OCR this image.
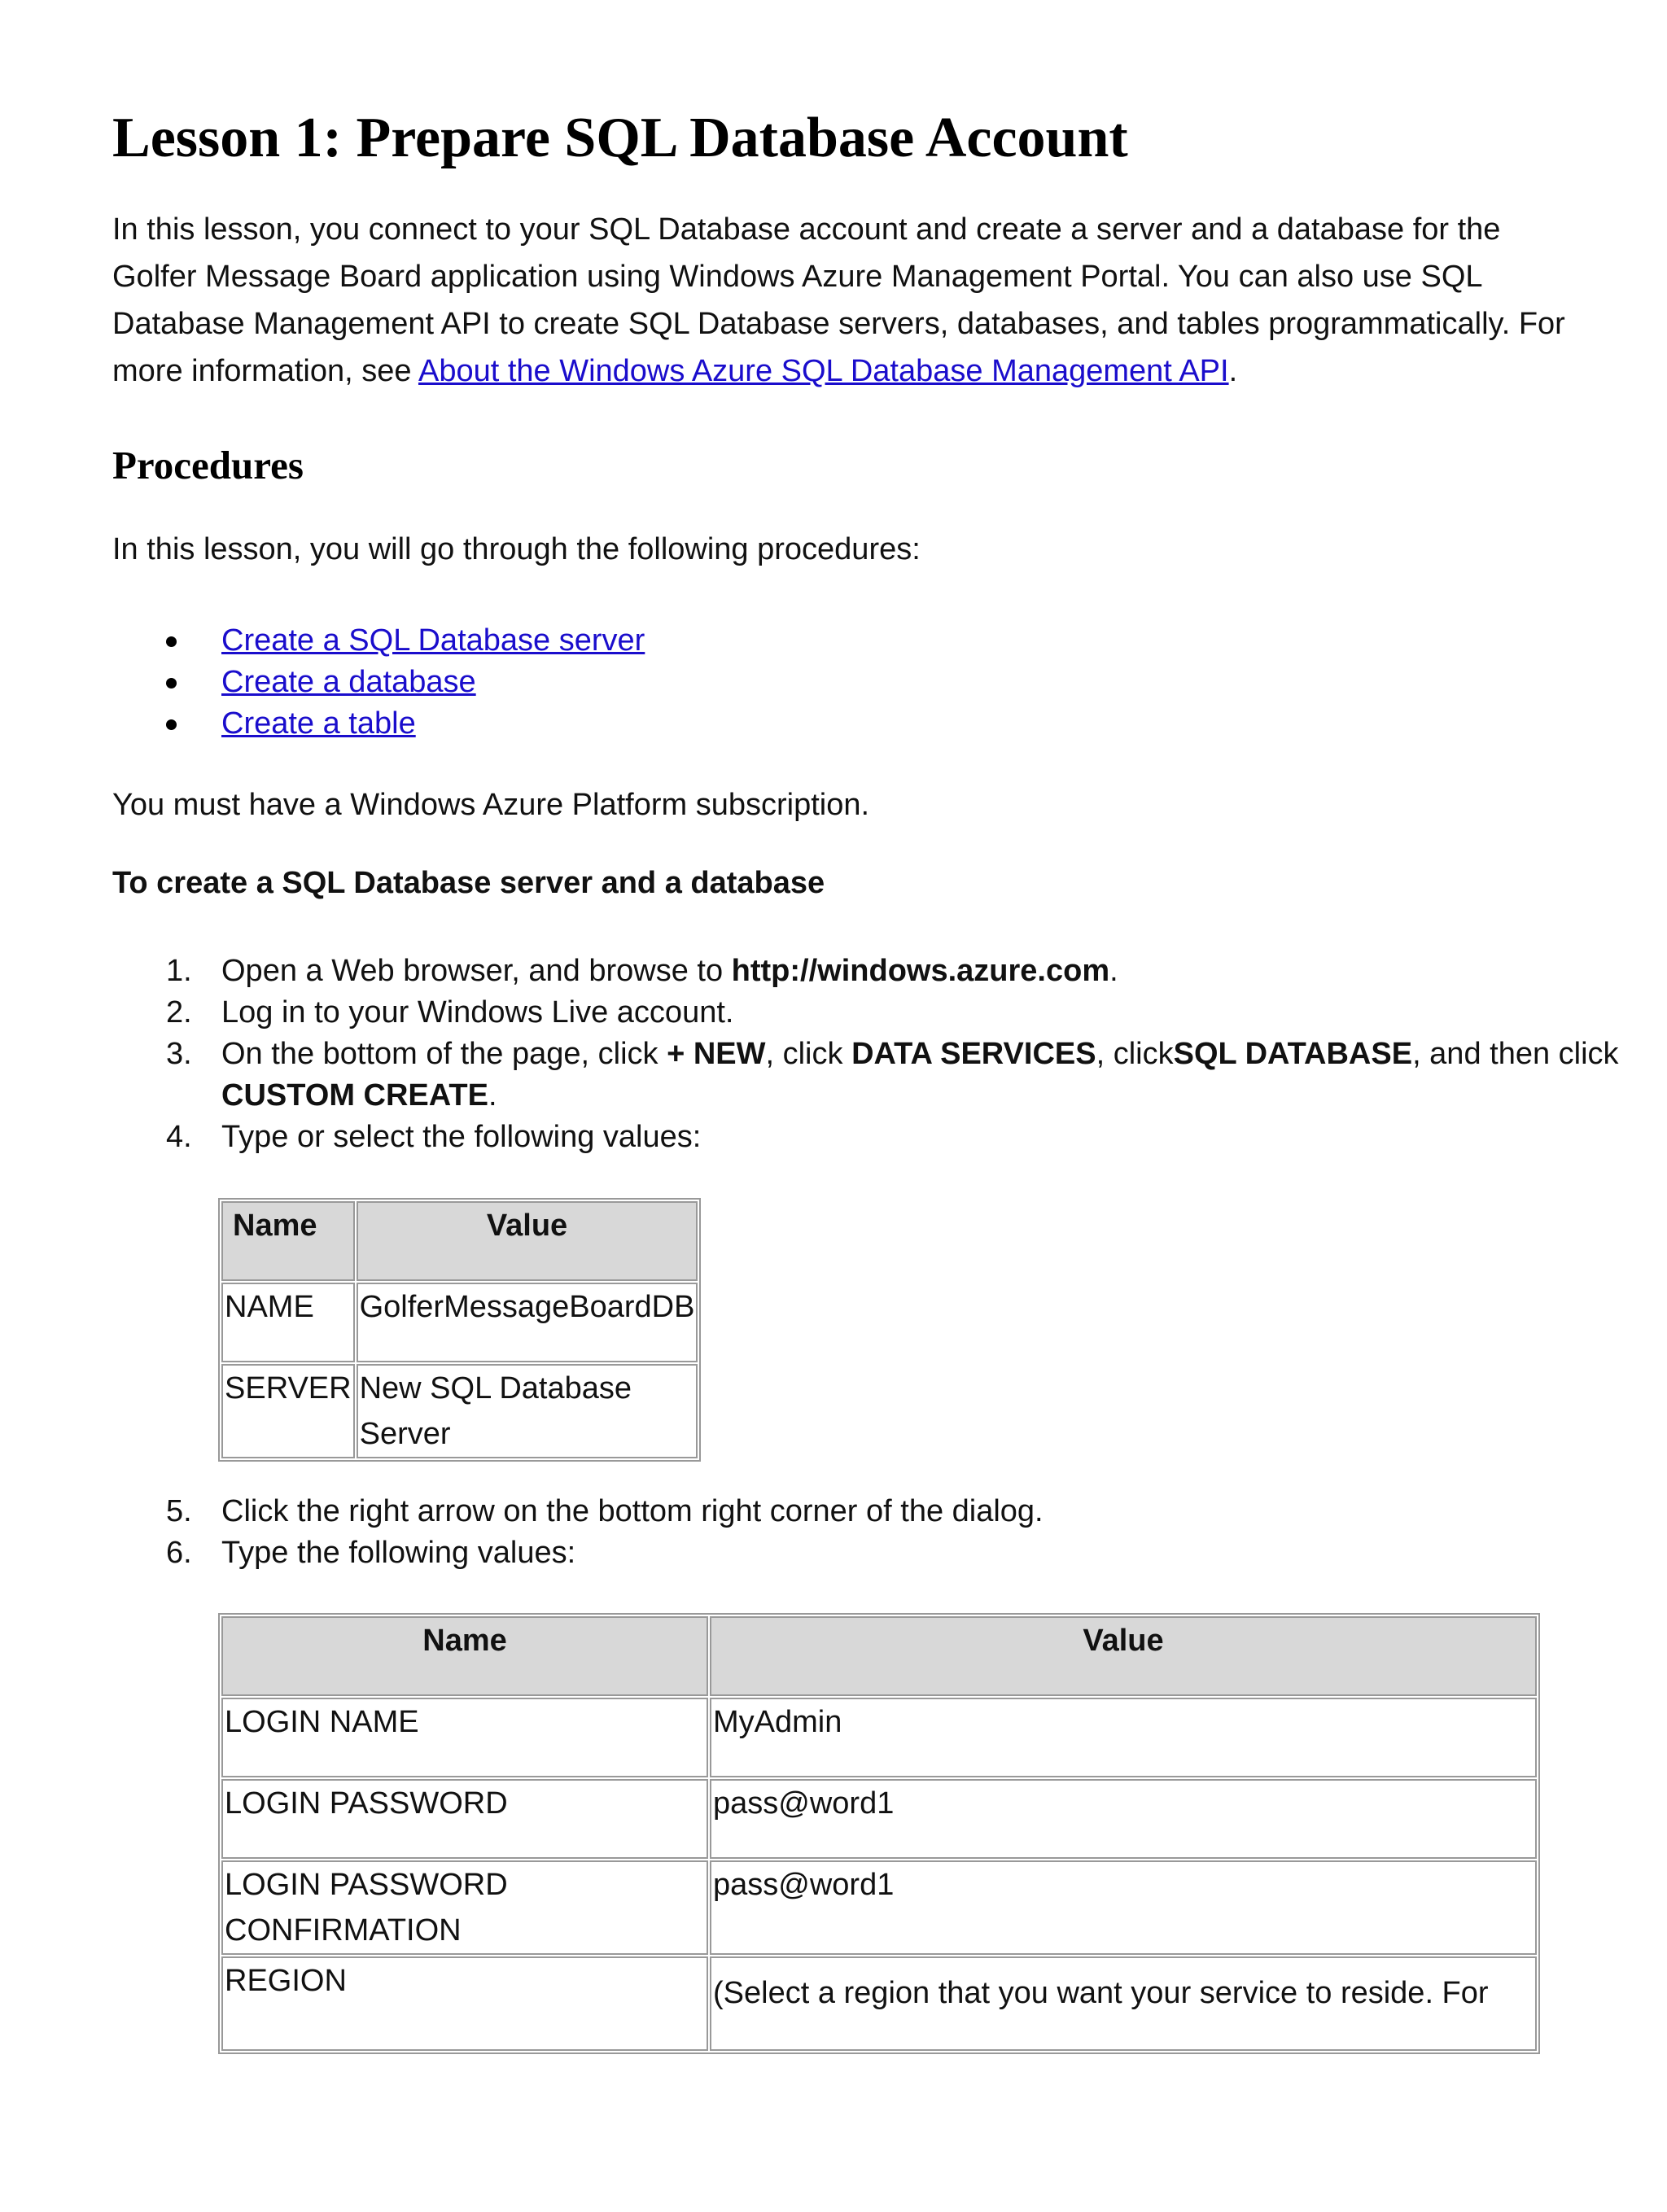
Lesson 1: Prepare SQL Database Account

In this lesson, you connect to your SQL Database account and create a server and a database for the Golfer Message Board application using Windows Azure Management Portal. You can also use SQL Database Management API to create SQL Database servers, databases, and tables programmatically. For more information, see About the Windows Azure SQL Database Management API.

Procedures

In this lesson, you will go through the following procedures:

Create a SQL Database server
Create a database
Create a table

You must have a Windows Azure Platform subscription.

To create a SQL Database server and a database

1. Open a Web browser, and browse to http://windows.azure.com.
2. Log in to your Windows Live account.
3. On the bottom of the page, click + NEW, click DATA SERVICES, clickSQL DATABASE, and then click CUSTOM CREATE.
4. Type or select the following values:
Name	Value
NAME	GolferMessageBoardDB
SERVER	New SQL Database Server
5. Click the right arrow on the bottom right corner of the dialog.
6. Type the following values:
Name	Value
LOGIN NAME	MyAdmin
LOGIN PASSWORD	pass@word1
LOGIN PASSWORD CONFIRMATION	pass@word1
REGION	(Select a region that you want your service to reside. For
